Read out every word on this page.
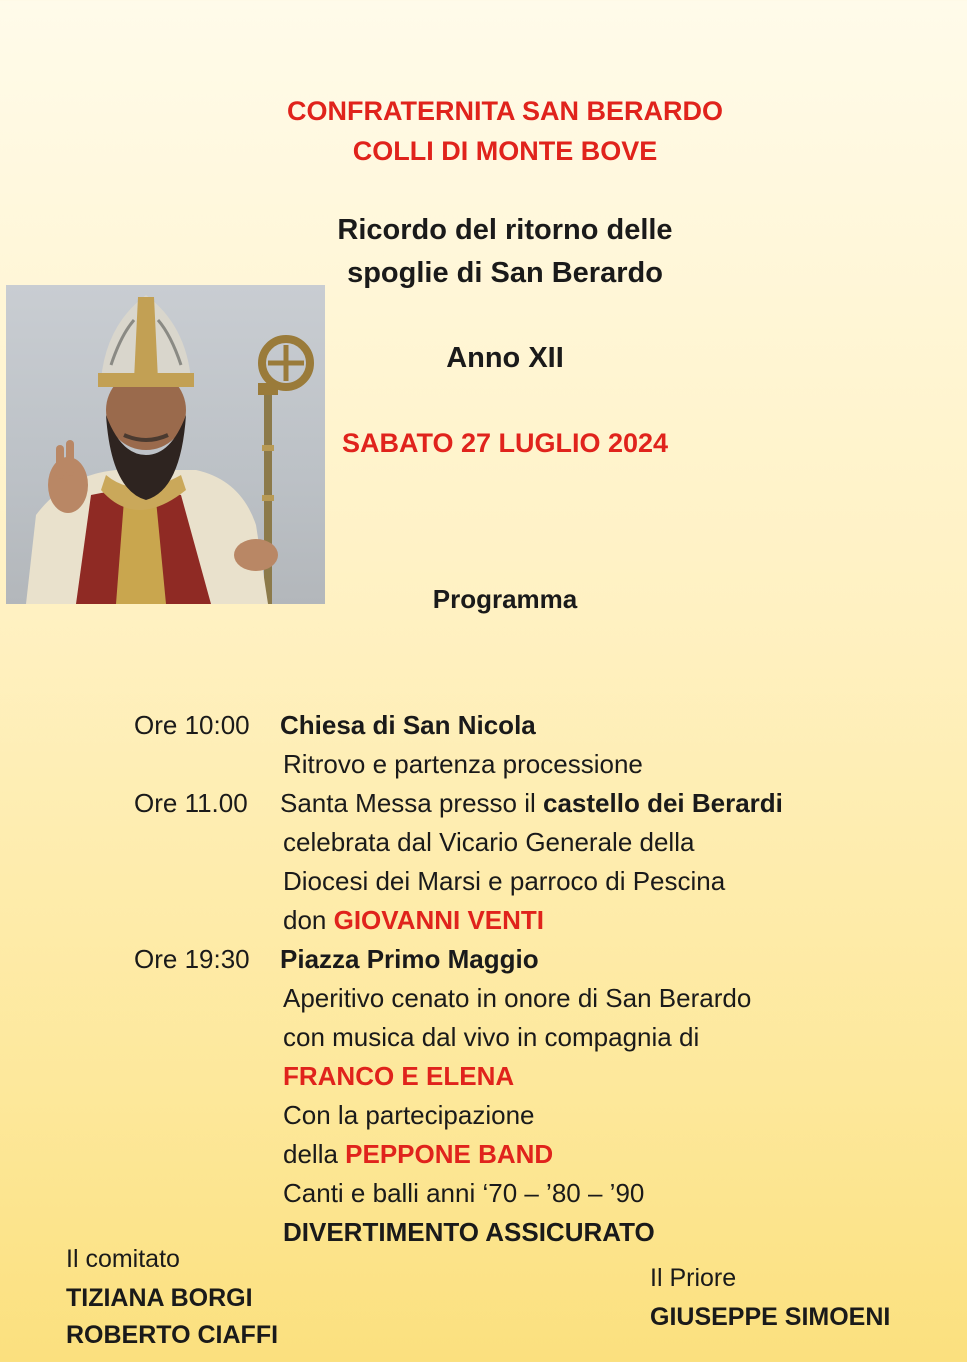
CONFRATERNITA SAN BERARDO
COLLI DI MONTE BOVE
Ricordo del ritorno delle
spoglie di San Berardo
Anno XII
SABATO 27 LUGLIO 2024
Programma
Ore 10:00 Chiesa di San Nicola
Ritrovo e partenza processione
Ore 11.00 Santa Messa presso il castello dei Berardi
celebrata dal Vicario Generale della
Diocesi dei Marsi e parroco di Pescina
don GIOVANNI VENTI
Ore 19:30 Piazza Primo Maggio
Aperitivo cenato in onore di San Berardo
con musica dal vivo in compagnia di
FRANCO E ELENA
Con la partecipazione
della PEPPONE BAND
Canti e balli anni ‘70 – ’80 – ’90
DIVERTIMENTO ASSICURATO
Il comitato
TIZIANA BORGI
ROBERTO CIAFFI
Il Priore
GIUSEPPE SIMOENI
